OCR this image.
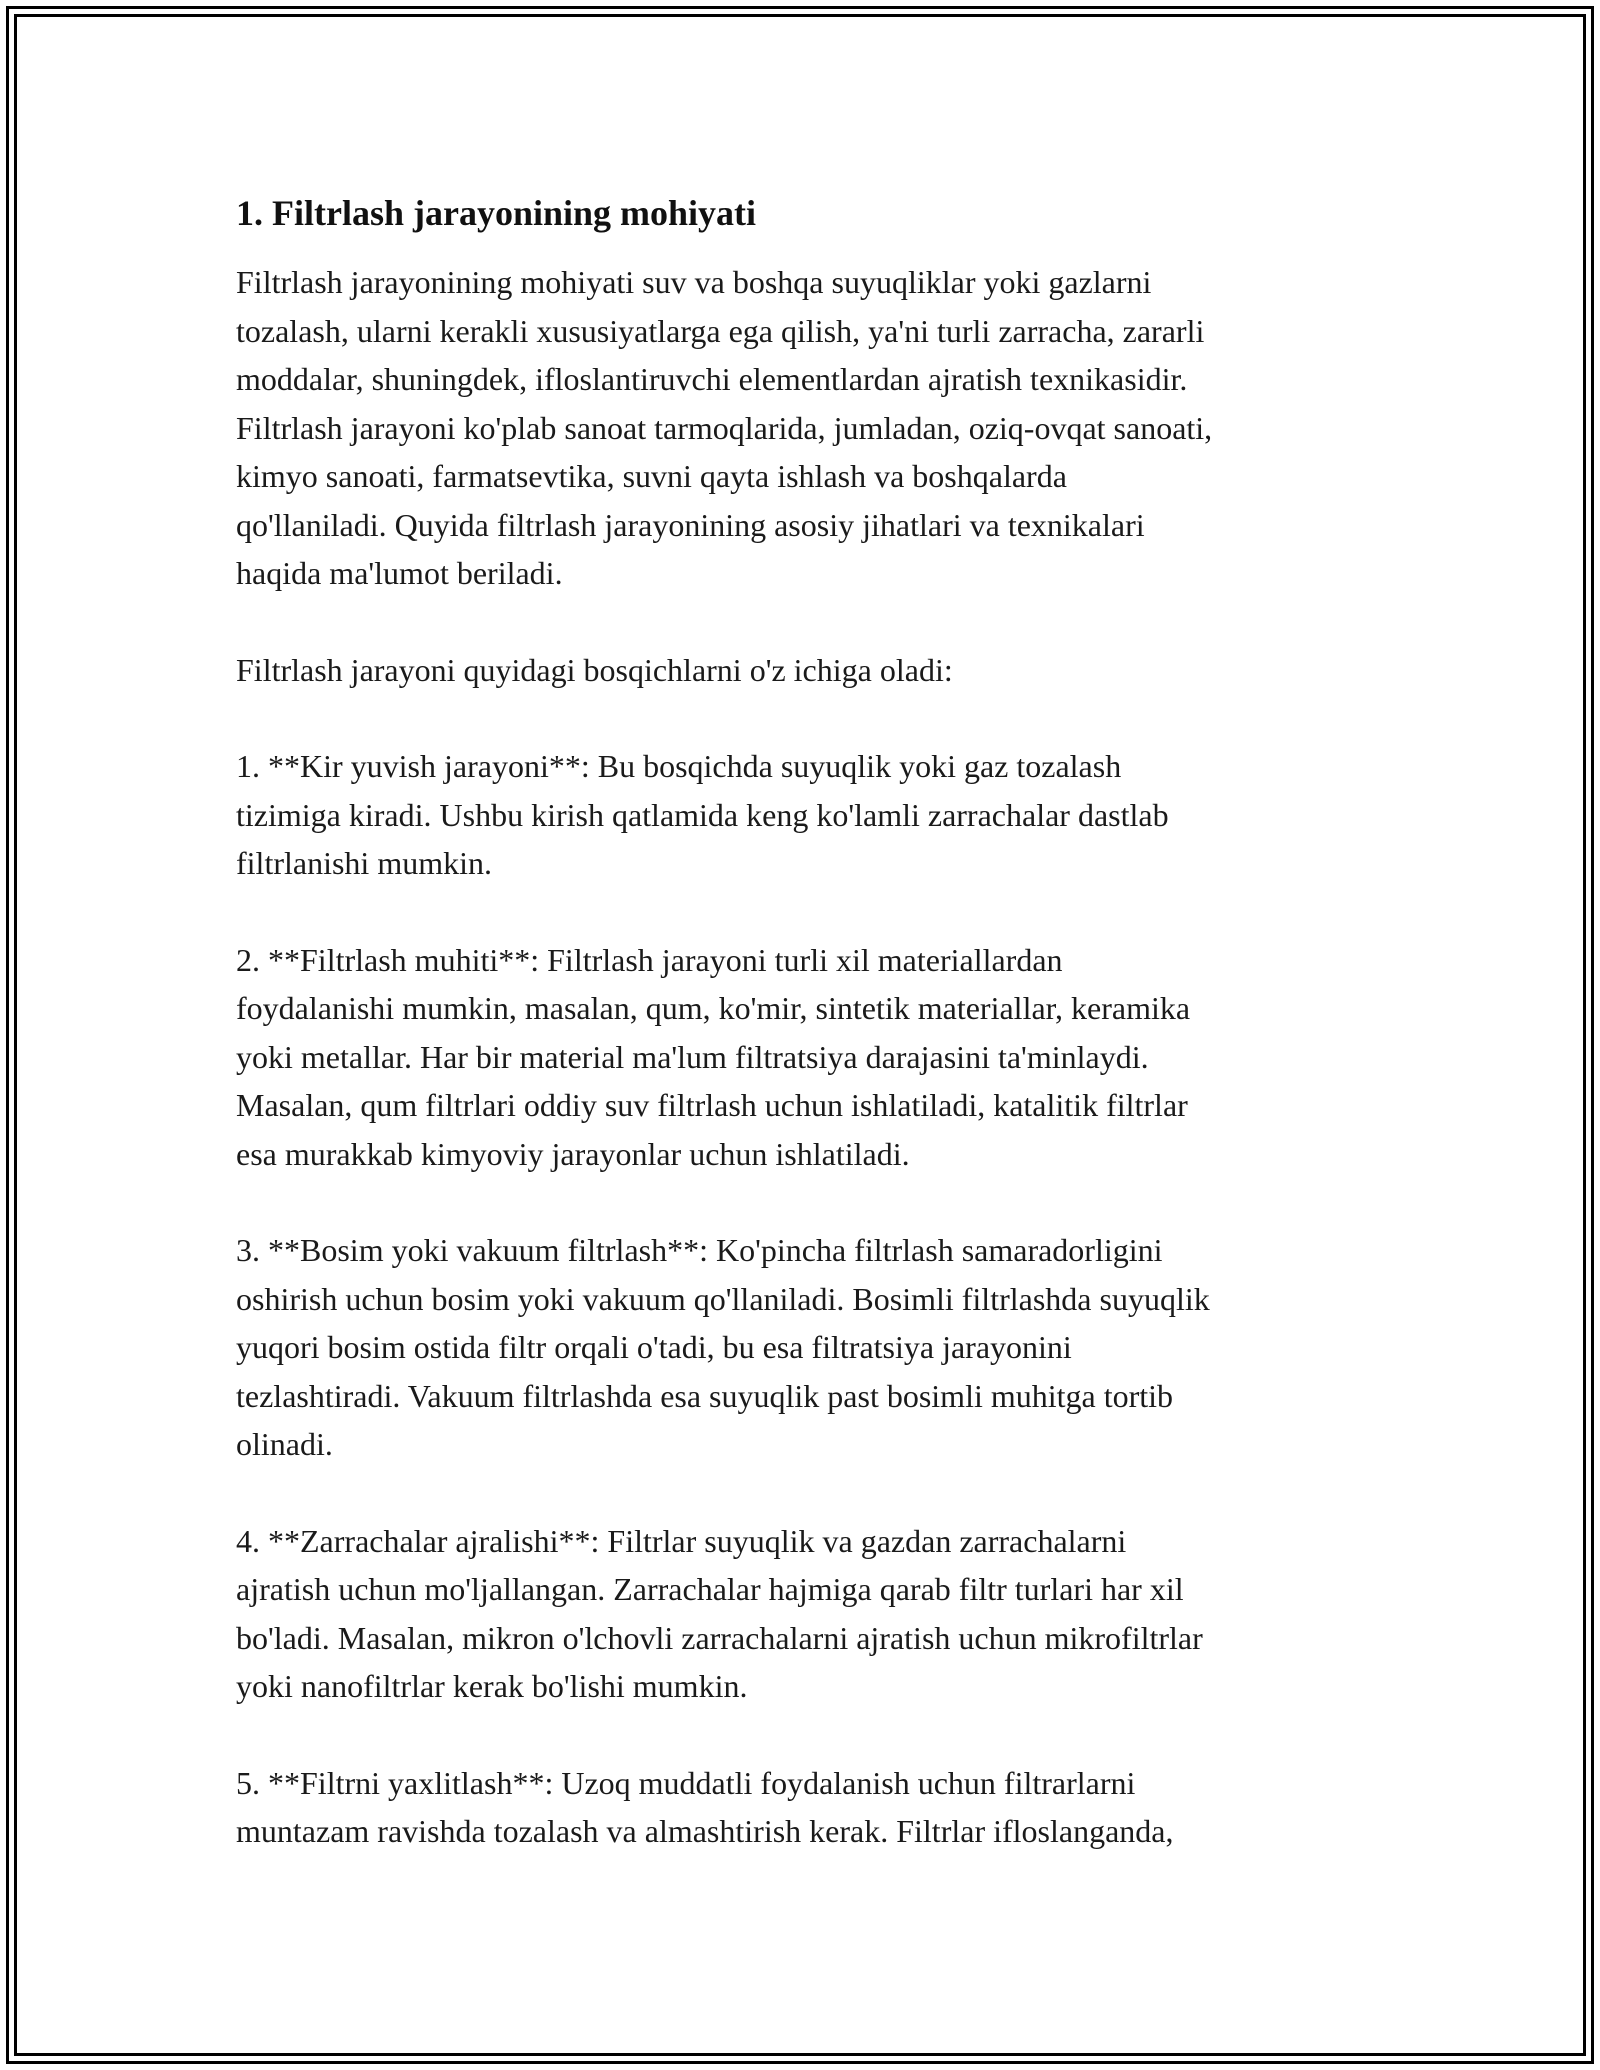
1. Filtrlash jarayonining mohiyati

Filtrlash jarayonining mohiyati suv va boshqa suyuqliklar yoki gazlarni
tozalash, ularni kerakli xususiyatlarga ega qilish, ya'ni turli zarracha, zararli
moddalar, shuningdek, ifloslantiruvchi elementlardan ajratish texnikasidir.
Filtrlash jarayoni ko'plab sanoat tarmoqlarida, jumladan, oziq-ovqat sanoati,
kimyo sanoati, farmatsevtika, suvni qayta ishlash va boshqalarda
qo'llaniladi. Quyida filtrlash jarayonining asosiy jihatlari va texnikalari
haqida ma'lumot beriladi.

Filtrlash jarayoni quyidagi bosqichlarni o'z ichiga oladi:

1. **Kir yuvish jarayoni**: Bu bosqichda suyuqlik yoki gaz tozalash
tizimiga kiradi. Ushbu kirish qatlamida keng ko'lamli zarrachalar dastlab
filtrlanishi mumkin.

2. **Filtrlash muhiti**: Filtrlash jarayoni turli xil materiallardan
foydalanishi mumkin, masalan, qum, ko'mir, sintetik materiallar, keramika
yoki metallar. Har bir material ma'lum filtratsiya darajasini ta'minlaydi.
Masalan, qum filtrlari oddiy suv filtrlash uchun ishlatiladi, katalitik filtrlar
esa murakkab kimyoviy jarayonlar uchun ishlatiladi.

3. **Bosim yoki vakuum filtrlash**: Ko'pincha filtrlash samaradorligini
oshirish uchun bosim yoki vakuum qo'llaniladi. Bosimli filtrlashda suyuqlik
yuqori bosim ostida filtr orqali o'tadi, bu esa filtratsiya jarayonini
tezlashtiradi. Vakuum filtrlashda esa suyuqlik past bosimli muhitga tortib
olinadi.

4. **Zarrachalar ajralishi**: Filtrlar suyuqlik va gazdan zarrachalarni
ajratish uchun mo'ljallangan. Zarrachalar hajmiga qarab filtr turlari har xil
bo'ladi. Masalan, mikron o'lchovli zarrachalarni ajratish uchun mikrofiltrlar
yoki nanofiltrlar kerak bo'lishi mumkin.

5. **Filtrni yaxlitlash**: Uzoq muddatli foydalanish uchun filtrarlarni
muntazam ravishda tozalash va almashtirish kerak. Filtrlar ifloslanganda,
